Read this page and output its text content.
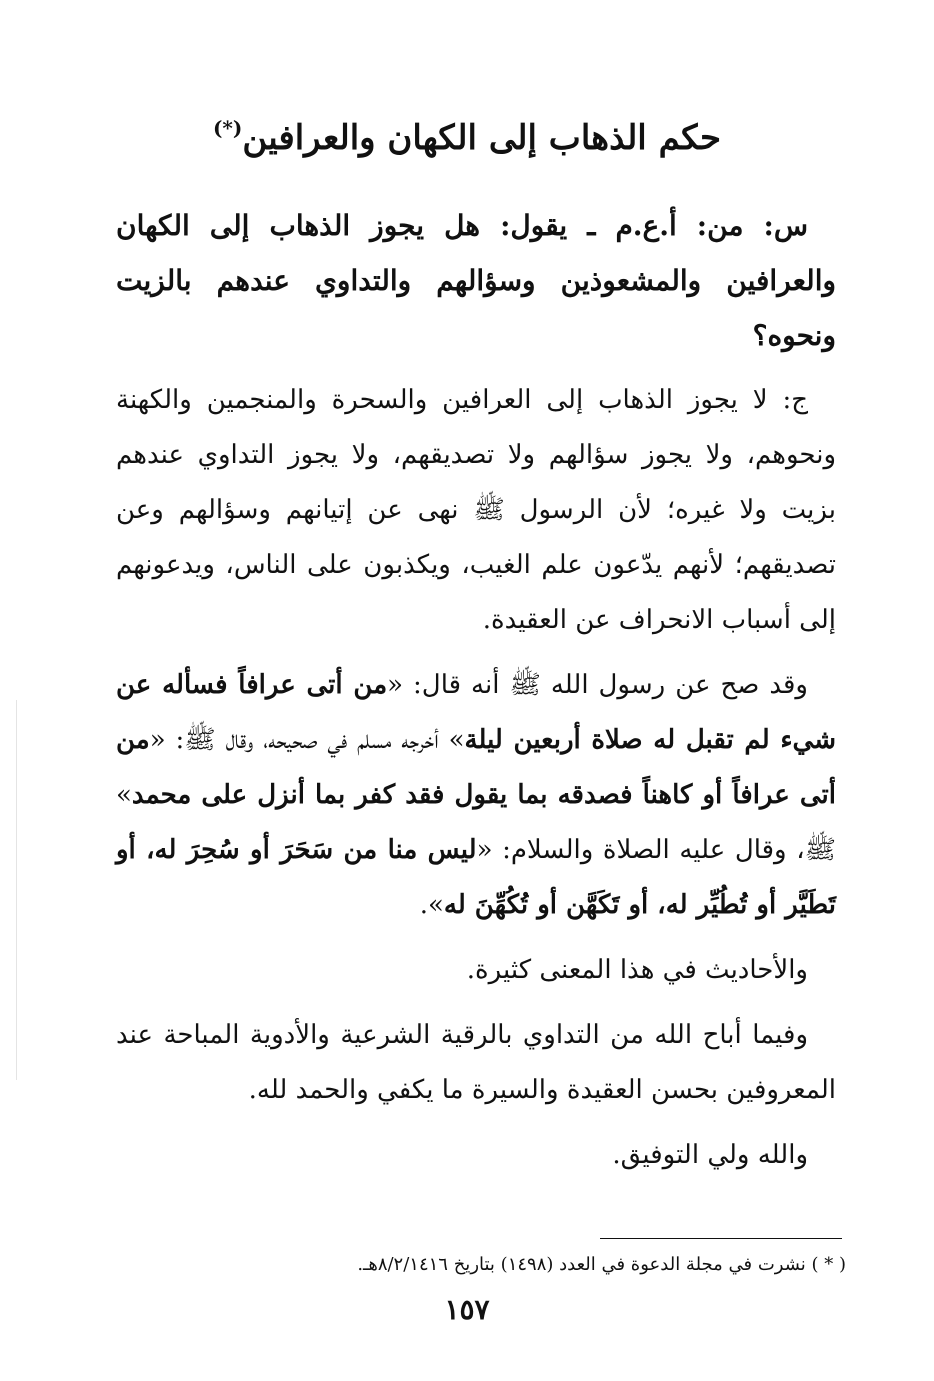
حكم الذهاب إلى الكهان والعرافين(*)

س: من: أ.ع.م ـ يقول: هل يجوز الذهاب إلى الكهان والعرافين والمشعوذين وسؤالهم والتداوي عندهم بالزيت ونحوه؟

ج: لا يجوز الذهاب إلى العرافين والسحرة والمنجمين والكهنة ونحوهم، ولا يجوز سؤالهم ولا تصديقهم، ولا يجوز التداوي عندهم بزيت ولا غيره؛ لأن الرسول ﷺ نهى عن إتيانهم وسؤالهم وعن تصديقهم؛ لأنهم يدّعون علم الغيب، ويكذبون على الناس، ويدعونهم إلى أسباب الانحراف عن العقيدة.

وقد صح عن رسول الله ﷺ أنه قال: «من أتى عرافاً فسأله عن شيء لم تقبل له صلاة أربعين ليلة» أخرجه مسلم في صحيحه، وقال ﷺ: «من أتى عرافاً أو كاهناً فصدقه بما يقول فقد كفر بما أنزل على محمد» ﷺ، وقال عليه الصلاة والسلام: «ليس منا من سَحَرَ أو سُحِرَ له، أو تَطَيَّر أو تُطُيِّر له، أو تَكَهَّن أو تُكُهِّنَ له».

والأحاديث في هذا المعنى كثيرة.

وفيما أباح الله من التداوي بالرقية الشرعية والأدوية المباحة عند المعروفين بحسن العقيدة والسيرة ما يكفي والحمد لله.

والله ولي التوفيق.

( * ) نشرت في مجلة الدعوة في العدد (١٤٩٨) بتاريخ ٨/٢/١٤١٦هـ.

١٥٧
